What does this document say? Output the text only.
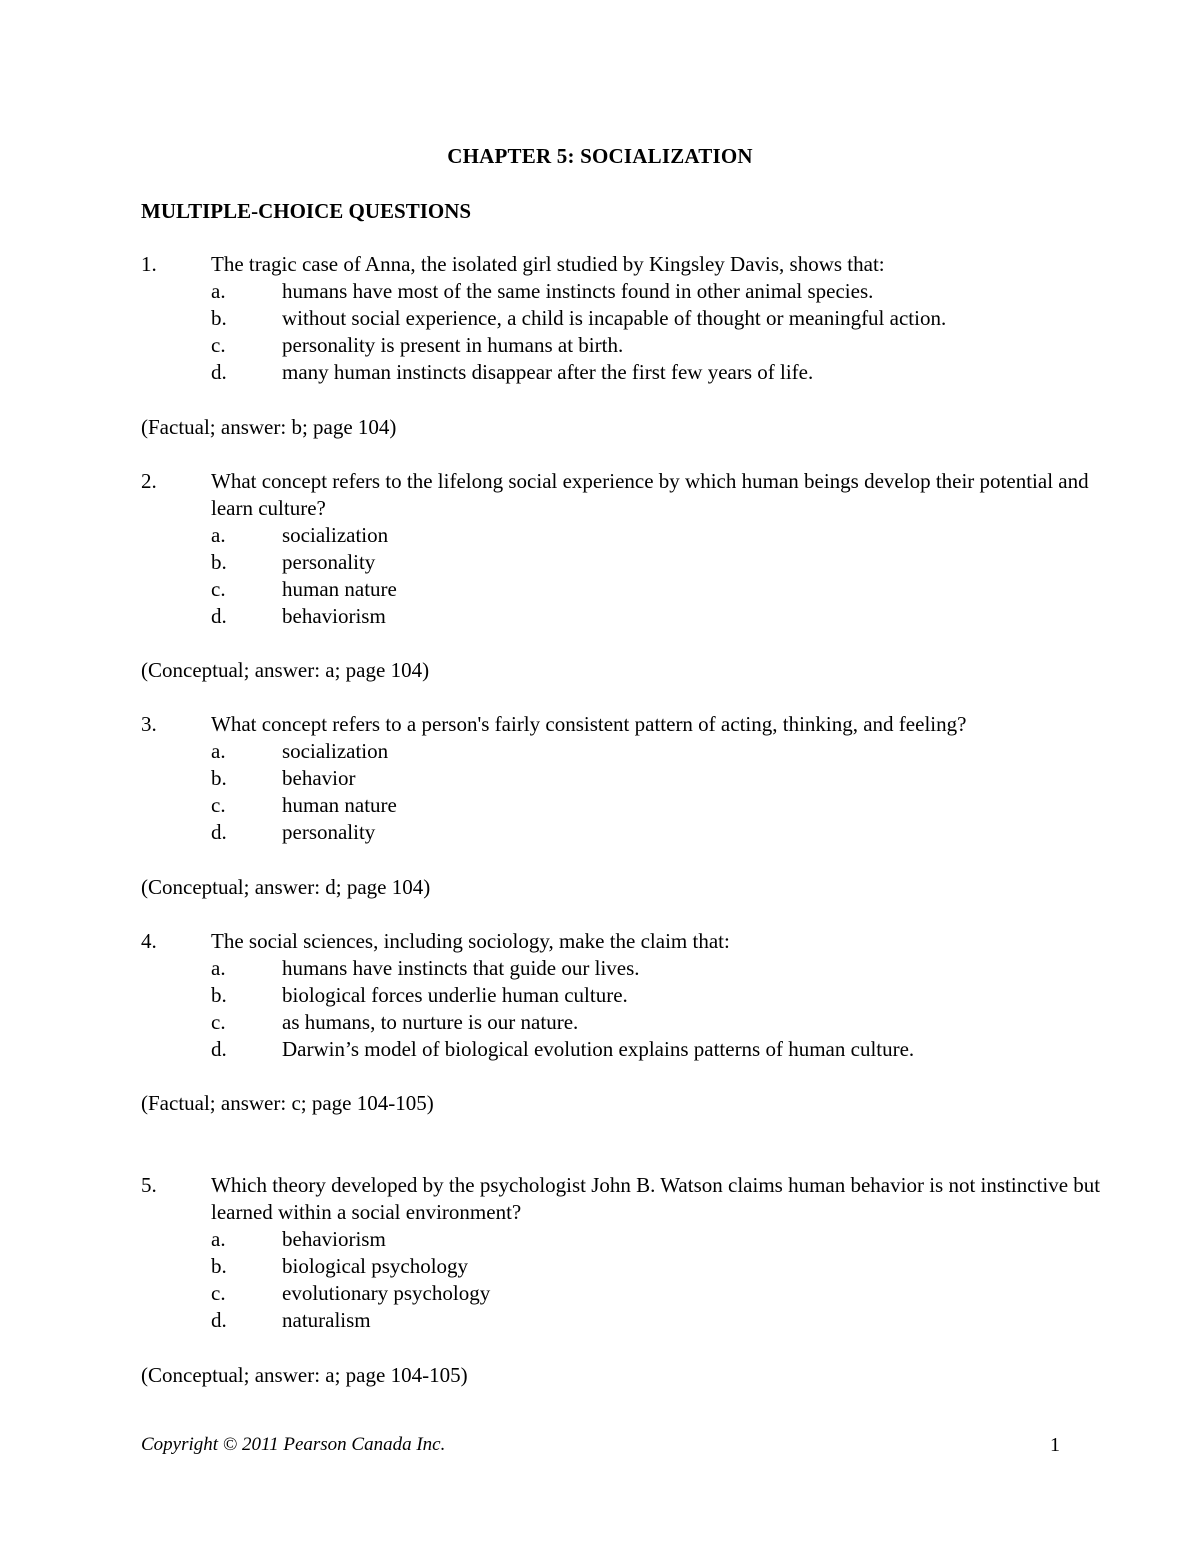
CHAPTER 5: SOCIALIZATION
MULTIPLE-CHOICE QUESTIONS
1.	The tragic case of Anna, the isolated girl studied by Kingsley Davis, shows that:
a.	humans have most of the same instincts found in other animal species.
b.	without social experience, a child is incapable of thought or meaningful action.
c.	personality is present in humans at birth.
d.	many human instincts disappear after the first few years of life.
(Factual; answer: b; page 104)
2.	What concept refers to the lifelong social experience by which human beings develop their potential and learn culture?
a.	socialization
b.	personality
c.	human nature
d.	behaviorism
(Conceptual; answer: a; page 104)
3.	What concept refers to a person's fairly consistent pattern of acting, thinking, and feeling?
a.	socialization
b.	behavior
c.	human nature
d.	personality
(Conceptual; answer: d; page 104)
4.	The social sciences, including sociology, make the claim that:
a.	humans have instincts that guide our lives.
b.	biological forces underlie human culture.
c.	as humans, to nurture is our nature.
d.	Darwin’s model of biological evolution explains patterns of human culture.
(Factual; answer: c; page 104-105)
5.	Which theory developed by the psychologist John B. Watson claims human behavior is not instinctive but learned within a social environment?
a.	behaviorism
b.	biological psychology
c.	evolutionary psychology
d.	naturalism
(Conceptual; answer: a; page 104-105)
Copyright © 2011 Pearson Canada Inc.	1
